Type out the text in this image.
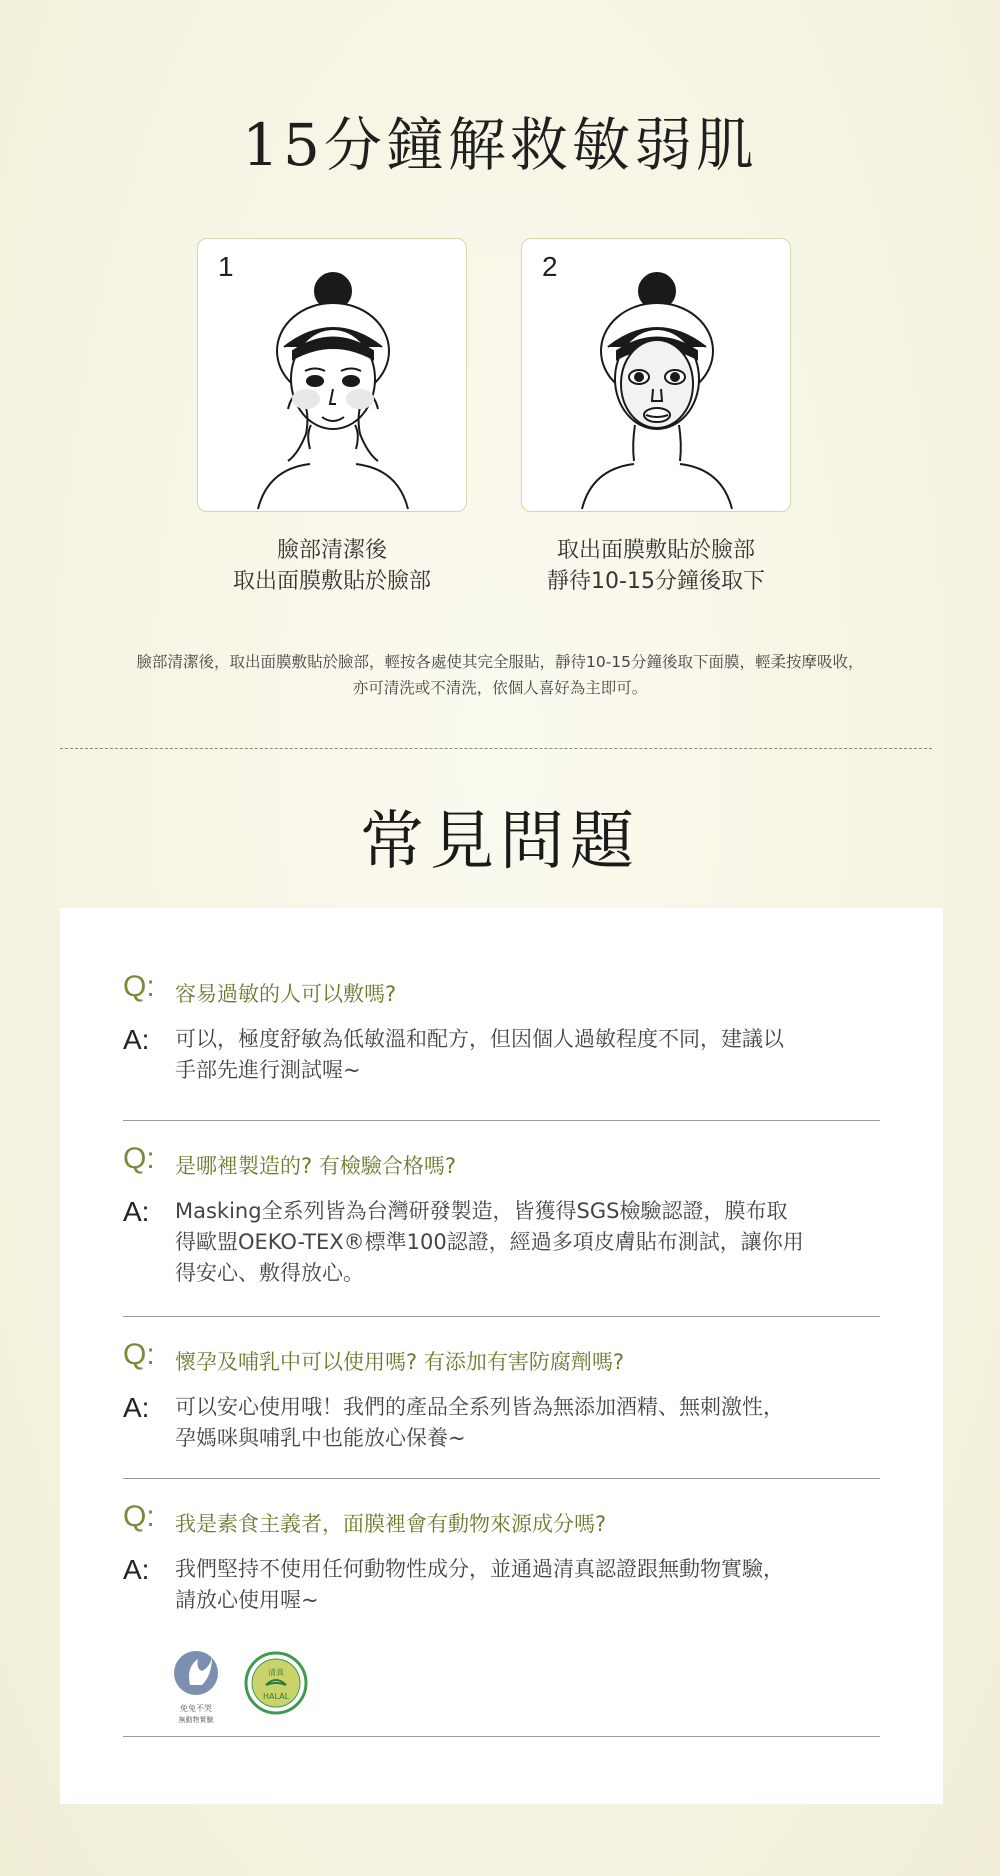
15分鐘解救敏弱肌
1	2
臉部清潔後
取出面膜敷貼於臉部
取出面膜敷貼於臉部
靜待10-15分鐘後取下
臉部清潔後，取出面膜敷貼於臉部，輕按各處使其完全服貼，靜待10-15分鐘後取下面膜，輕柔按摩吸收，
亦可清洗或不清洗，依個人喜好為主即可。
常見問題
Q: 容易過敏的人可以敷嗎?
A: 可以，極度舒敏為低敏溫和配方，但因個人過敏程度不同，建議以
手部先進行測試喔~
Q: 是哪裡製造的? 有檢驗合格嗎?
A: Masking全系列皆為台灣研發製造，皆獲得SGS檢驗認證，膜布取
得歐盟OEKO-TEX®標準100認證，經過多項皮膚貼布測試，讓你用
得安心、敷得放心。
Q: 懷孕及哺乳中可以使用嗎? 有添加有害防腐劑嗎?
A: 可以安心使用哦！我們的產品全系列皆為無添加酒精、無刺激性，
孕媽咪與哺乳中也能放心保養~
Q: 我是素食主義者，面膜裡會有動物來源成分嗎?
A: 我們堅持不使用任何動物性成分，並通過清真認證跟無動物實驗，
請放心使用喔~
免兔不哭
無動物實驗
清真
HALAL
